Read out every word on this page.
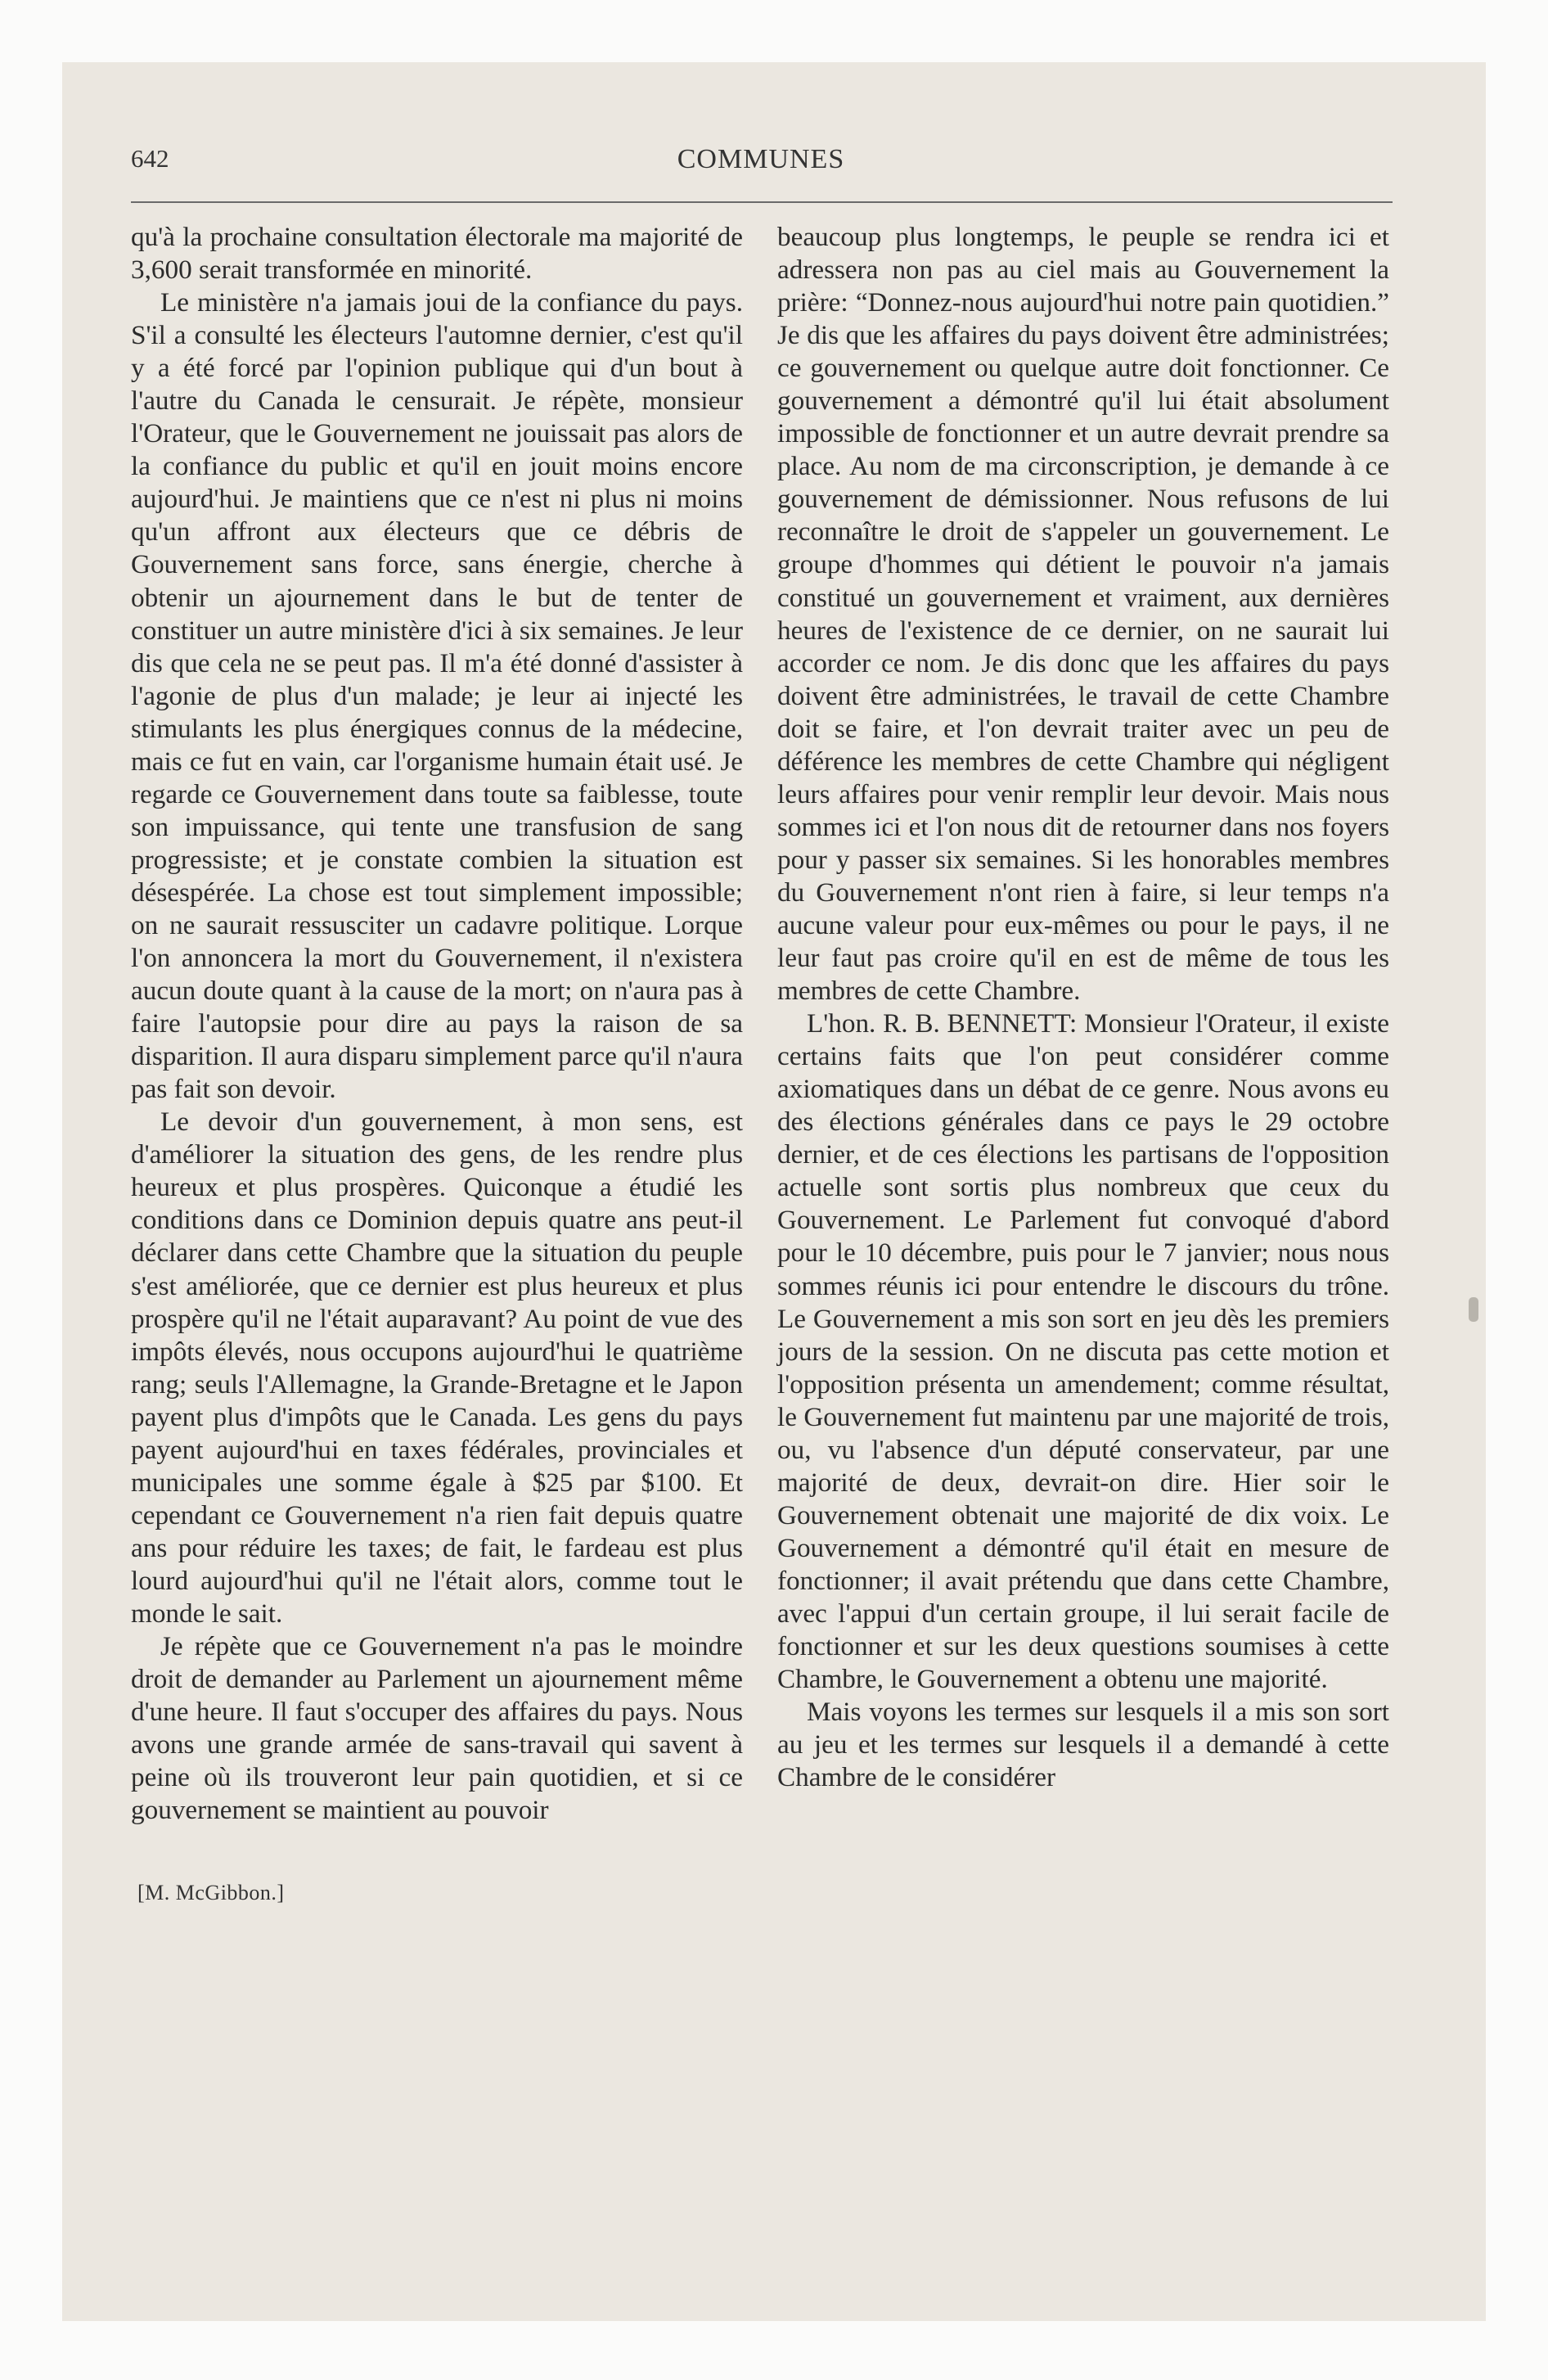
642	COMMUNES

qu'à la prochaine consultation électorale ma majorité de 3,600 serait transformée en minorité.

Le ministère n'a jamais joui de la confiance du pays. S'il a consulté les électeurs l'automne dernier, c'est qu'il y a été forcé par l'opinion publique qui d'un bout à l'autre du Canada le censurait. Je répète, monsieur l'Orateur, que le Gouvernement ne jouissait pas alors de la confiance du public et qu'il en jouit moins encore aujourd'hui. Je maintiens que ce n'est ni plus ni moins qu'un affront aux électeurs que ce débris de Gouvernement sans force, sans énergie, cherche à obtenir un ajournement dans le but de tenter de constituer un autre ministère d'ici à six semaines. Je leur dis que cela ne se peut pas. Il m'a été donné d'assister à l'agonie de plus d'un malade; je leur ai injecté les stimulants les plus énergiques connus de la médecine, mais ce fut en vain, car l'organisme humain était usé. Je regarde ce Gouvernement dans toute sa faiblesse, toute son impuissance, qui tente une transfusion de sang progressiste; et je constate combien la situation est désespérée. La chose est tout simplement impossible; on ne saurait ressusciter un cadavre politique. Lorque l'on annoncera la mort du Gouvernement, il n'existera aucun doute quant à la cause de la mort; on n'aura pas à faire l'autopsie pour dire au pays la raison de sa disparition. Il aura disparu simplement parce qu'il n'aura pas fait son devoir.

Le devoir d'un gouvernement, à mon sens, est d'améliorer la situation des gens, de les rendre plus heureux et plus prospères. Quiconque a étudié les conditions dans ce Dominion depuis quatre ans peut-il déclarer dans cette Chambre que la situation du peuple s'est améliorée, que ce dernier est plus heureux et plus prospère qu'il ne l'était auparavant? Au point de vue des impôts élevés, nous occupons aujourd'hui le quatrième rang; seuls l'Allemagne, la Grande-Bretagne et le Japon payent plus d'impôts que le Canada. Les gens du pays payent aujourd'hui en taxes fédérales, provinciales et municipales une somme égale à $25 par $100. Et cependant ce Gouvernement n'a rien fait depuis quatre ans pour réduire les taxes; de fait, le fardeau est plus lourd aujourd'hui qu'il ne l'était alors, comme tout le monde le sait.

Je répète que ce Gouvernement n'a pas le moindre droit de demander au Parlement un ajournement même d'une heure. Il faut s'occuper des affaires du pays. Nous avons une grande armée de sans-travail qui savent à peine où ils trouveront leur pain quotidien, et si ce gouvernement se maintient au pouvoir

[M. McGibbon.]

beaucoup plus longtemps, le peuple se rendra ici et adressera non pas au ciel mais au Gouvernement la prière: “Donnez-nous aujourd'hui notre pain quotidien.” Je dis que les affaires du pays doivent être administrées; ce gouvernement ou quelque autre doit fonctionner. Ce gouvernement a démontré qu'il lui était absolument impossible de fonctionner et un autre devrait prendre sa place. Au nom de ma circonscription, je demande à ce gouvernement de démissionner. Nous refusons de lui reconnaître le droit de s'appeler un gouvernement. Le groupe d'hommes qui détient le pouvoir n'a jamais constitué un gouvernement et vraiment, aux dernières heures de l'existence de ce dernier, on ne saurait lui accorder ce nom. Je dis donc que les affaires du pays doivent être administrées, le travail de cette Chambre doit se faire, et l'on devrait traiter avec un peu de déférence les membres de cette Chambre qui négligent leurs affaires pour venir remplir leur devoir. Mais nous sommes ici et l'on nous dit de retourner dans nos foyers pour y passer six semaines. Si les honorables membres du Gouvernement n'ont rien à faire, si leur temps n'a aucune valeur pour eux-mêmes ou pour le pays, il ne leur faut pas croire qu'il en est de même de tous les membres de cette Chambre.

L'hon. R. B. BENNETT: Monsieur l'Orateur, il existe certains faits que l'on peut considérer comme axiomatiques dans un débat de ce genre. Nous avons eu des élections générales dans ce pays le 29 octobre dernier, et de ces élections les partisans de l'opposition actuelle sont sortis plus nombreux que ceux du Gouvernement. Le Parlement fut convoqué d'abord pour le 10 décembre, puis pour le 7 janvier; nous nous sommes réunis ici pour entendre le discours du trône. Le Gouvernement a mis son sort en jeu dès les premiers jours de la session. On ne discuta pas cette motion et l'opposition présenta un amendement; comme résultat, le Gouvernement fut maintenu par une majorité de trois, ou, vu l'absence d'un député conservateur, par une majorité de deux, devrait-on dire. Hier soir le Gouvernement obtenait une majorité de dix voix. Le Gouvernement a démontré qu'il était en mesure de fonctionner; il avait prétendu que dans cette Chambre, avec l'appui d'un certain groupe, il lui serait facile de fonctionner et sur les deux questions soumises à cette Chambre, le Gouvernement a obtenu une majorité.

Mais voyons les termes sur lesquels il a mis son sort au jeu et les termes sur lesquels il a demandé à cette Chambre de le considérer
